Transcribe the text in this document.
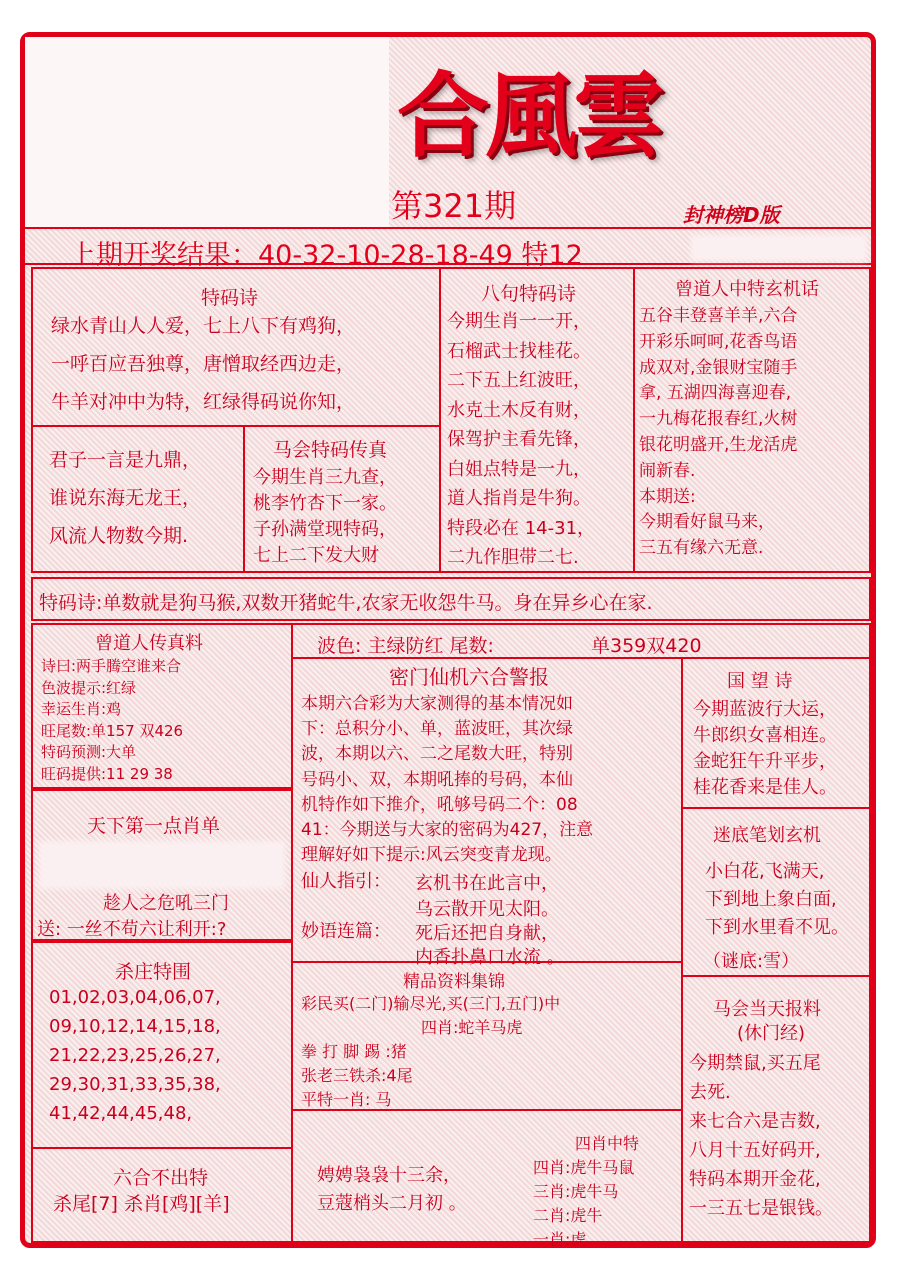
合風雲
第321期	封神榜D版
上期开奖结果：40-32-10-28-18-49 特12
特码诗
绿水青山人人爱，七上八下有鸡狗，
一呼百应吾独尊，唐憎取经西边走，
牛羊对冲中为特，红绿得码说你知，
君子一言是九鼎，
谁说东海无龙王，
风流人物数今期.
马会特码传真
今期生肖三九查，
桃李竹杏下一家。
子孙满堂现特码，
七上二下发大财
八句特码诗
今期生肖一一开，
石榴武士找桂花。
二下五上红波旺，
水克土木反有财，
保驾护主看先锋，
白姐点特是一九，
道人指肖是牛狗。
特段必在 14-31，
二九作胆带二七.
曾道人中特玄机话
五谷丰登喜羊羊,六合
开彩乐呵呵,花香鸟语
成双对,金银财宝随手
拿, 五湖四海喜迎春,
一九梅花报春红,火树
银花明盛开,生龙活虎
闹新春.
本期送:
今期看好鼠马来，
三五有缘六无意.
特码诗:单数就是狗马猴,双数开猪蛇牛,农家无收怨牛马。身在异乡心在家.
曾道人传真料
诗曰:两手腾空谁来合
色波提示:红绿
幸运生肖:鸡
旺尾数:单157 双426
特码预测:大单
旺码提供:11 29 38
天下第一点肖单
趁人之危吼三门
送: 一丝不苟六让利开:?
杀庄特围
01,02,03,04,06,07,
09,10,12,14,15,18,
21,22,23,25,26,27,
29,30,31,33,35,38,
41,42,44,45,48,
六合不出特
杀尾[7] 杀肖[鸡][羊]
波色: 主绿防红 尾数:	单359双420
密门仙机六合警报
本期六合彩为大家测得的基本情况如
下：总积分小、单，蓝波旺，其次绿
波，本期以六、二之尾数大旺，特别
号码小、双，本期吼捧的号码，本仙
机特作如下推介，吼够号码二个：08
41：今期送与大家的密码为427，注意
理解好如下提示:风云突变青龙现。
仙人指引： 玄机书在此言中，
乌云散开见太阳。
妙语连篇： 死后还把自身献，
内香扑鼻口水流 。
精品资料集锦
彩民买(二门)输尽光,买(三门,五门)中
四肖:蛇羊马虎
拳 打 脚 踢 :猪
张老三铁杀:4尾
平特一肖: 马
娉娉袅袅十三余，
豆蔻梢头二月初 。
四肖中特
四肖:虎牛马鼠
三肖:虎牛马
二肖:虎牛
一肖:虎
国 望 诗
今期蓝波行大运，
牛郎织女喜相连。
金蛇狂午升平步，
桂花香来是佳人。
迷底笔划玄机
小白花,飞满天,
下到地上象白面,
下到水里看不见。
（谜底:雪）
马会当天报料
(休门经)
今期禁鼠,买五尾
去死.
来七合六是吉数,
八月十五好码开,
特码本期开金花,
一三五七是银钱。
